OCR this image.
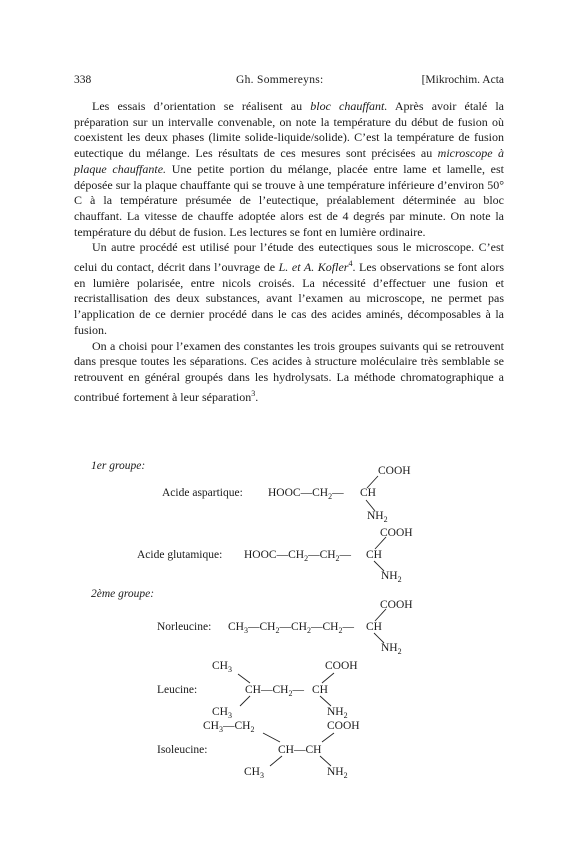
338	Gh. Sommereyns:	[Mikrochim. Acta

Les essais d’orientation se réalisent au bloc chauffant. Après avoir étalé la préparation sur un intervalle convenable, on note la température du début de fusion où coexistent les deux phases (limite solide-liquide/solide). C’est la température de fusion eutectique du mélange. Les résultats de ces mesures sont précisées au microscope à plaque chauffante. Une petite portion du mélange, placée entre lame et lamelle, est déposée sur la plaque chauffante qui se trouve à une température inférieure d’environ 50° C à la température présumée de l’eutectique, préalablement déterminée au bloc chauffant. La vitesse de chauffe adoptée alors est de 4 degrés par minute. On note la température du début de fusion. Les lectures se font en lumière ordinaire.

Un autre procédé est utilisé pour l’étude des eutectiques sous le microscope. C’est celui du contact, décrit dans l’ouvrage de L. et A. Kofler$^4$. Les observations se font alors en lumière polarisée, entre nicols croisés. La nécessité d’effectuer une fusion et recristallisation des deux substances, avant l’examen au microscope, ne permet pas l’application de ce dernier procédé dans le cas des acides aminés, décomposables à la fusion.

On a choisi pour l’examen des constantes les trois groupes suivants qui se retrouvent dans presque toutes les séparations. Ces acides à structure moléculaire très semblable se retrouvent en général groupés dans les hydrolysats. La méthode chromatographique a contribué fortement à leur séparation$^3$.

1er groupe:
Acide aspartique: $HOOC—CH_2—$ CH
COOH
$NH_2$
COOH
Acide glutamique: $HOOC—CH_2—CH_2—$ CH
$NH_2$
2ème groupe:
COOH
Norleucine: $CH_3—CH_2—CH_2—CH_2—$ CH
$NH_2$
$CH_3$	COOH
Leucine:	$CH—CH_2—$ CH
$CH_3$	$NH_2$
$CH_3—CH_2$	COOH
Isoleucine:	CH—CH
$CH_3$	$NH_2$
